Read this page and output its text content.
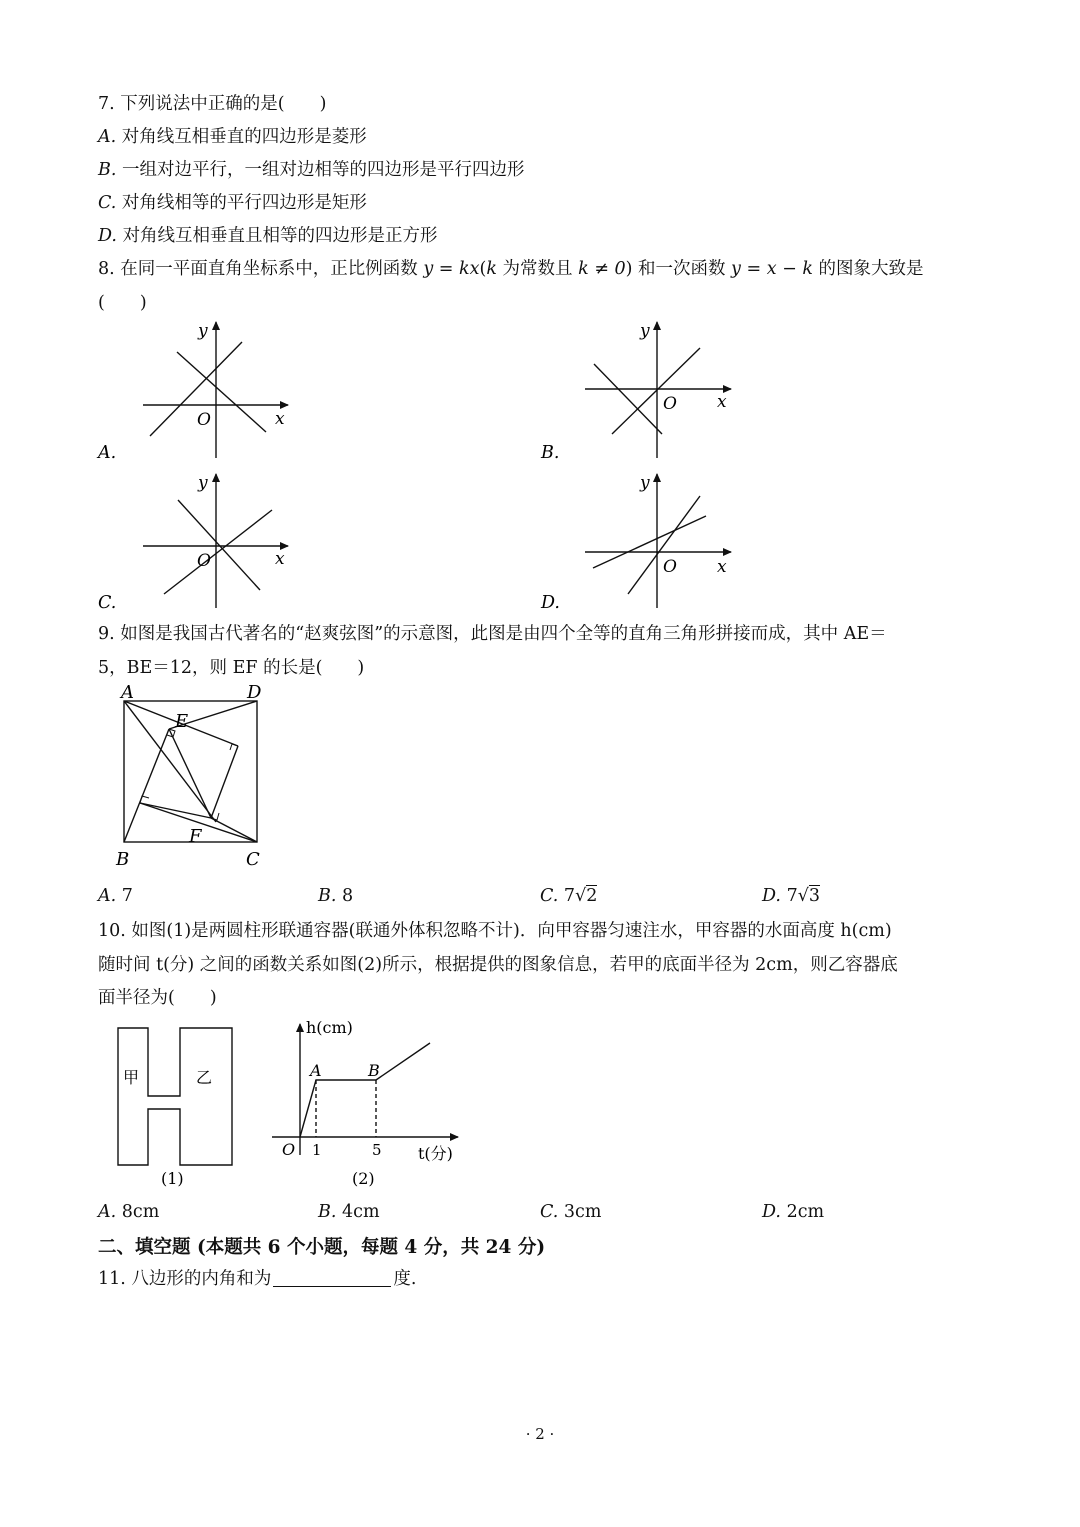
7. 下列说法中正确的是(　　)
A. 对角线互相垂直的四边形是菱形
B. 一组对边平行，一组对边相等的四边形是平行四边形
C. 对角线相等的平行四边形是矩形
D. 对角线互相垂直且相等的四边形是正方形
8. 在同一平面直角坐标系中，正比例函数 y = kx(k 为常数且 k ≠ 0) 和一次函数 y = x − k 的图象大致是
(　　)
y
x
O
A.
y
x
O
B.
y
x
O
C.
y
x
O
D.
9. 如图是我国古代著名的“赵爽弦图”的示意图，此图是由四个全等的直角三角形拼接而成，其中 AE＝
5，BE＝12，则 EF 的长是(　　)
A	D
E
F
B	C
A. 7	B. 8	C. 7√2	D. 7√3
10. 如图(1)是两圆柱形联通容器(联通外体积忽略不计)．向甲容器匀速注水，甲容器的水面高度 h(cm)
随时间 t(分) 之间的函数关系如图(2)所示，根据提供的图象信息，若甲的底面半径为 2cm，则乙容器底
面半径为(　　)
甲	乙
(1)
h(cm)
t(分)
O 1	5
A	B
(2)
A. 8cm	B. 4cm	C. 3cm	D. 2cm
二、填空题 (本题共 6 个小题，每题 4 分，共 24 分)
11. 八边形的内角和为	度.
· 2 ·
